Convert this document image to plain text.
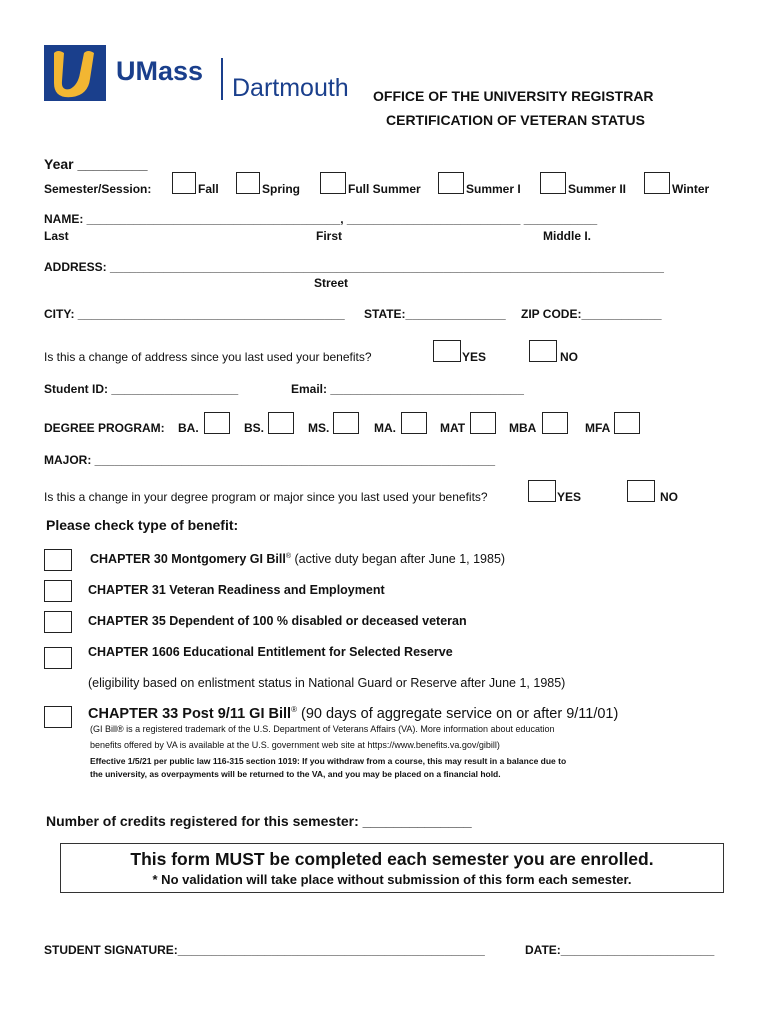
UMass
Dartmouth OFFICE OF THE UNIVERSITY REGISTRAR
CERTIFICATION OF VETERAN STATUS
Year _________
Semester/Session:	Fall	Spring	Full Summer	Summer I	Summer II	Winter
NAME: ______________________________________, __________________________ ___________
Last	First	Middle I.
ADDRESS: ___________________________________________________________________________________
Street
CITY: ________________________________________ STATE:_______________ ZIP CODE:____________
Is this a change of address since you last used your benefits?	YES	NO
Student ID: ___________________	Email: _____________________________
DEGREE PROGRAM: BA.	BS.	MS.	MA.	MAT	MBA	MFA
MAJOR: ____________________________________________________________
Is this a change in your degree program or major since you last used your benefits?	YES	NO
Please check type of benefit:
CHAPTER 30 Montgomery GI Bill® (active duty began after June 1, 1985)
CHAPTER 31 Veteran Readiness and Employment
CHAPTER 35 Dependent of 100 % disabled or deceased veteran
CHAPTER 1606 Educational Entitlement for Selected Reserve
(eligibility based on enlistment status in National Guard or Reserve after June 1, 1985)
CHAPTER 33 Post 9/11 GI Bill® (90 days of aggregate service on or after 9/11/01)
(GI Bill® is a registered trademark of the U.S. Department of Veterans Affairs (VA). More information about education
benefits offered by VA is available at the U.S. government web site at https://www.benefits.va.gov/gibill)
Effective 1/5/21 per public law 116-315 section 1019: If you withdraw from a course, this may result in a balance due to
the university, as overpayments will be returned to the VA, and you may be placed on a financial hold.
Number of credits registered for this semester: ______________
This form MUST be completed each semester you are enrolled.
* No validation will take place without submission of this form each semester.
STUDENT SIGNATURE:______________________________________________	DATE:_______________________
